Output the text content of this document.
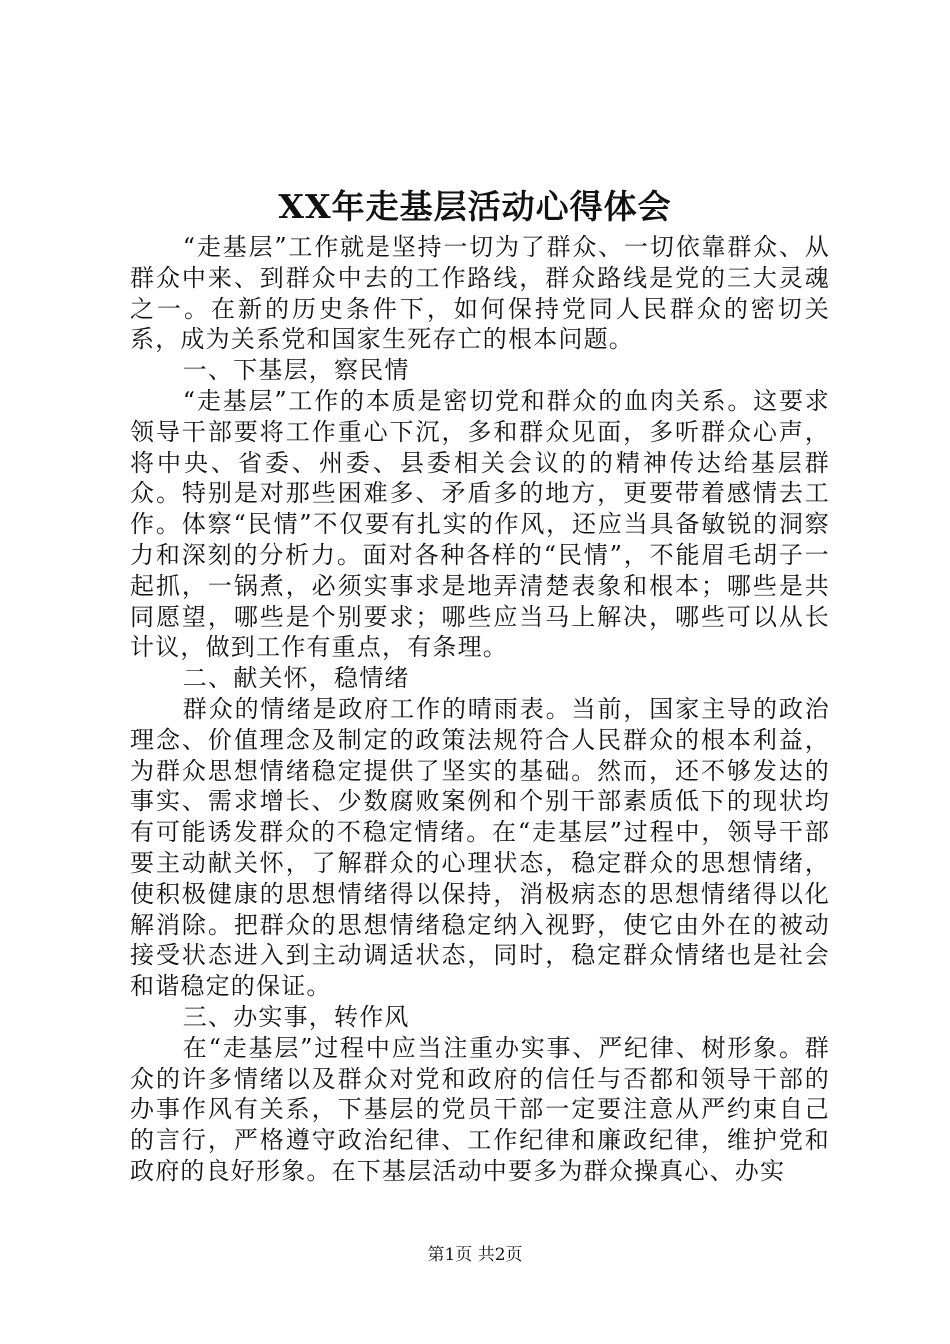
XX年走基层活动心得体会

“走基层”工作就是坚持一切为了群众、一切依靠群众、从群众中来、到群众中去的工作路线，群众路线是党的三大灵魂之一。在新的历史条件下，如何保持党同人民群众的密切关系，成为关系党和国家生死存亡的根本问题。

一、下基层，察民情

“走基层”工作的本质是密切党和群众的血肉关系。这要求领导干部要将工作重心下沉，多和群众见面，多听群众心声，将中央、省委、州委、县委相关会议的的精神传达给基层群众。特别是对那些困难多、矛盾多的地方，更要带着感情去工作。体察“民情”不仅要有扎实的作风，还应当具备敏锐的洞察力和深刻的分析力。面对各种各样的“民情”，不能眉毛胡子一起抓，一锅煮，必须实事求是地弄清楚表象和根本；哪些是共同愿望，哪些是个别要求；哪些应当马上解决，哪些可以从长计议，做到工作有重点，有条理。

二、献关怀，稳情绪

群众的情绪是政府工作的晴雨表。当前，国家主导的政治理念、价值理念及制定的政策法规符合人民群众的根本利益，为群众思想情绪稳定提供了坚实的基础。然而，还不够发达的事实、需求增长、少数腐败案例和个别干部素质低下的现状均有可能诱发群众的不稳定情绪。在“走基层”过程中，领导干部要主动献关怀，了解群众的心理状态，稳定群众的思想情绪，使积极健康的思想情绪得以保持，消极病态的思想情绪得以化解消除。把群众的思想情绪稳定纳入视野，使它由外在的被动接受状态进入到主动调适状态，同时，稳定群众情绪也是社会和谐稳定的保证。

三、办实事，转作风

在“走基层”过程中应当注重办实事、严纪律、树形象。群众的许多情绪以及群众对党和政府的信任与否都和领导干部的办事作风有关系，下基层的党员干部一定要注意从严约束自己的言行，严格遵守政治纪律、工作纪律和廉政纪律，维护党和政府的良好形象。在下基层活动中要多为群众操真心、办实

第1页 共2页
